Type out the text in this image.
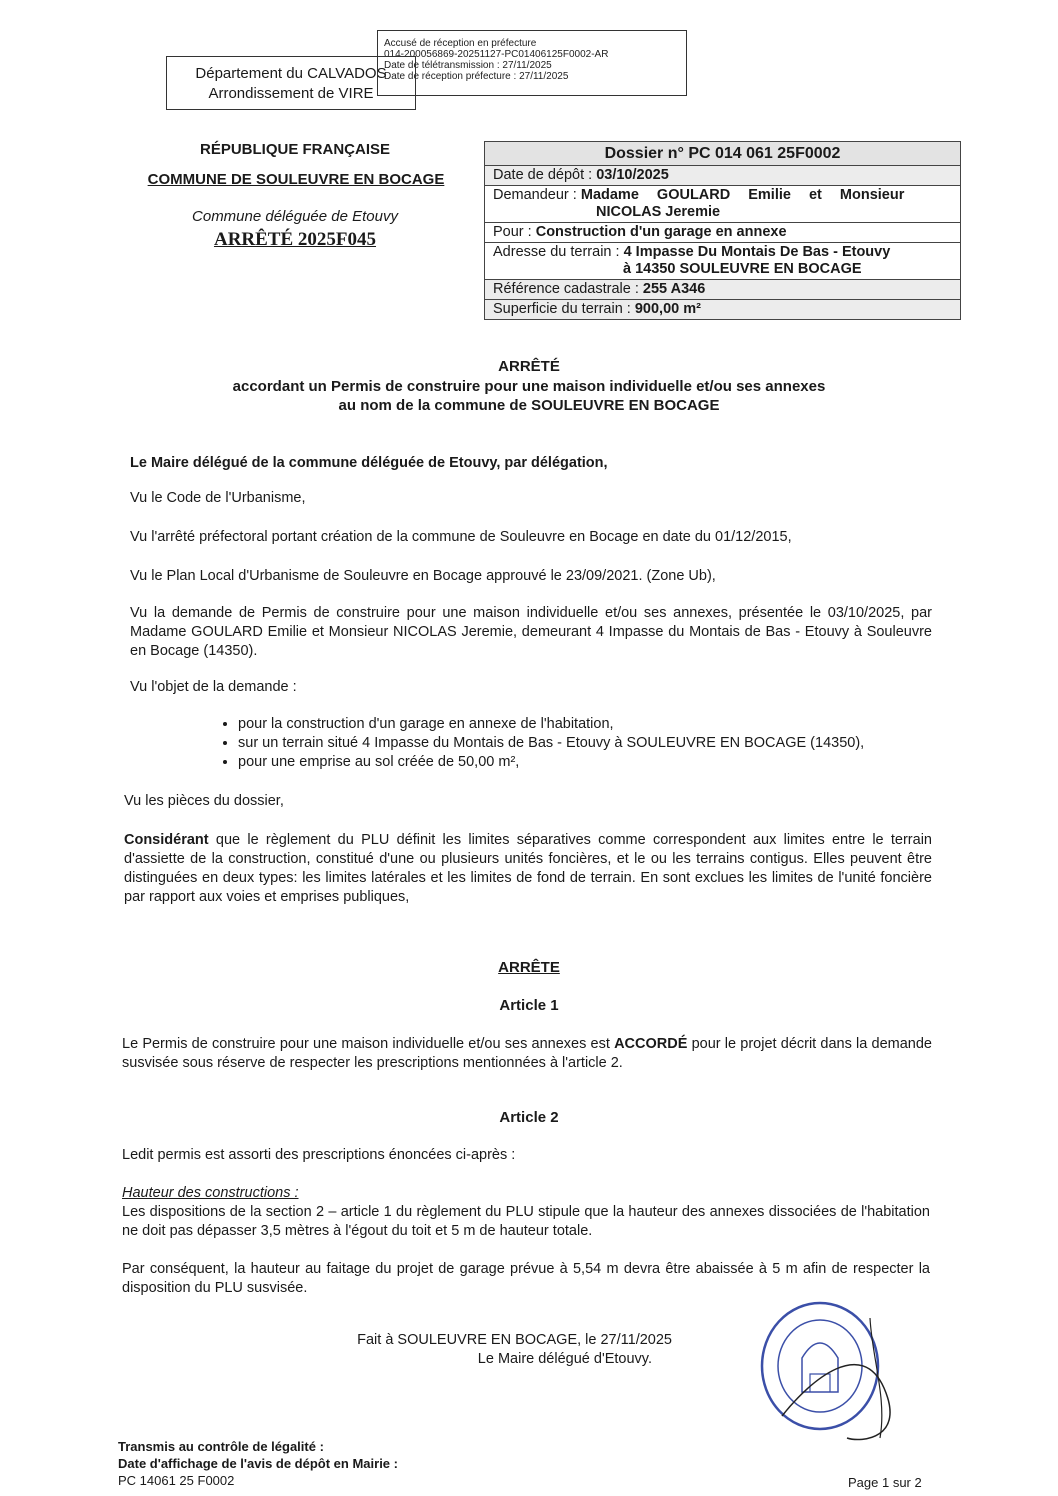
Accusé de réception en préfecture
014-200056869-20251127-PC01406125F0002-AR
Date de télétransmission : 27/11/2025
Date de réception préfecture : 27/11/2025
Département du CALVADOS
Arrondissement de VIRE
RÉPUBLIQUE FRANÇAISE
COMMUNE DE SOULEUVRE EN BOCAGE
Commune déléguée de Etouvy
ARRÊTÉ 2025F045
Dossier n° PC 014 061 25F0002
Date de dépôt : 03/10/2025
Demandeur : Madame GOULARD Emilie et Monsieur
NICOLAS Jeremie

Pour : Construction d'un garage en annexe
Adresse du terrain : 4 Impasse Du Montais De Bas - Etouvy
à 14350 SOULEUVRE EN BOCAGE

Référence cadastrale : 255 A346
Superficie du terrain : 900,00 m²
ARRÊTÉ
accordant un Permis de construire pour une maison individuelle et/ou ses annexes
au nom de la commune de SOULEUVRE EN BOCAGE
Le Maire délégué de la commune déléguée de Etouvy, par délégation,
Vu le Code de l'Urbanisme,
Vu l'arrêté préfectoral portant création de la commune de Souleuvre en Bocage en date du 01/12/2015,
Vu le Plan Local d'Urbanisme de Souleuvre en Bocage approuvé le 23/09/2021. (Zone Ub),
Vu la demande de Permis de construire pour une maison individuelle et/ou ses annexes, présentée le 03/10/2025, par Madame GOULARD Emilie et Monsieur NICOLAS Jeremie, demeurant 4 Impasse du Montais de Bas - Etouvy à Souleuvre en Bocage (14350).
Vu l'objet de la demande :
• pour la construction d'un garage en annexe de l'habitation,
• sur un terrain situé 4 Impasse du Montais de Bas - Etouvy à SOULEUVRE EN BOCAGE (14350),
• pour une emprise au sol créée de 50,00 m²,
Vu les pièces du dossier,
Considérant que le règlement du PLU définit les limites séparatives comme correspondent aux limites entre le terrain d'assiette de la construction, constitué d'une ou plusieurs unités foncières, et le ou les terrains contigus. Elles peuvent être distinguées en deux types: les limites latérales et les limites de fond de terrain. En sont exclues les limites de l'unité foncière par rapport aux voies et emprises publiques,
ARRÊTE
Article 1
Le Permis de construire pour une maison individuelle et/ou ses annexes est ACCORDÉ pour le projet décrit dans la demande susvisée sous réserve de respecter les prescriptions mentionnées à l'article 2.
Article 2
Ledit permis est assorti des prescriptions énoncées ci-après :
Hauteur des constructions :
Les dispositions de la section 2 – article 1 du règlement du PLU stipule que la hauteur des annexes dissociées de l'habitation ne doit pas dépasser 3,5 mètres à l'égout du toit et 5 m de hauteur totale.
Par conséquent, la hauteur au faitage du projet de garage prévue à 5,54 m devra être abaissée à 5 m afin de respecter la disposition du PLU susvisée.
Fait à SOULEUVRE EN BOCAGE, le 27/11/2025
Le Maire délégué d'Etouvy.
Transmis au contrôle de légalité :
Date d'affichage de l'avis de dépôt en Mairie :
PC 14061 25 F0002	Page 1 sur 2
